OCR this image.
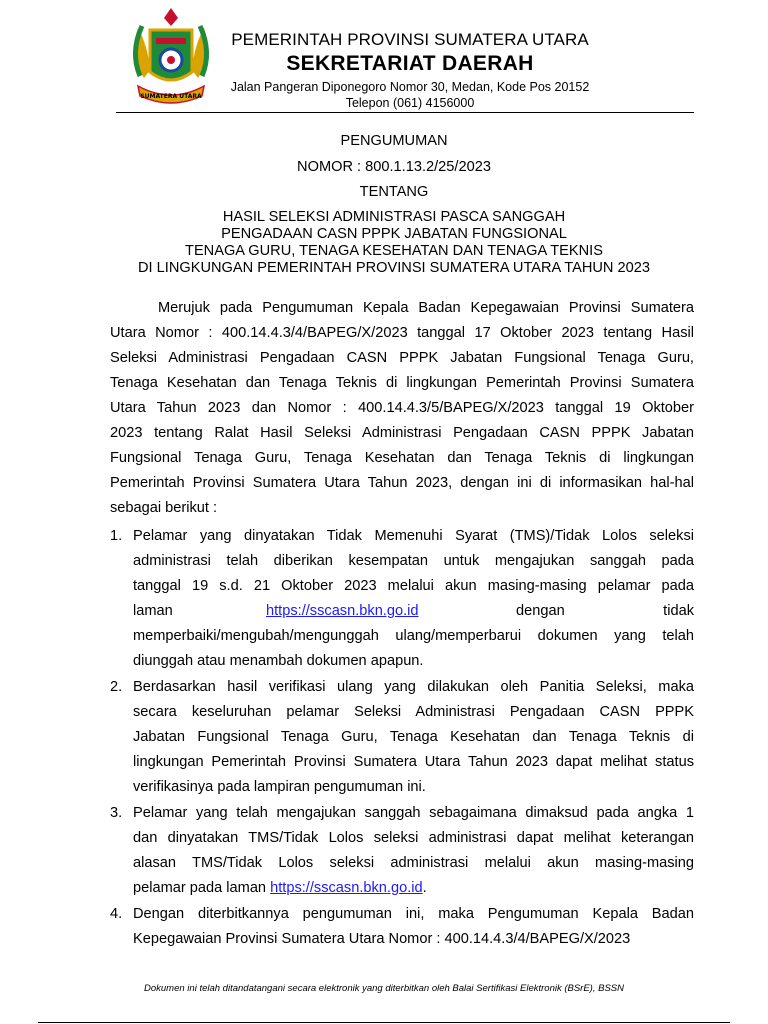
SUMATERA UTARA
PEMERINTAH PROVINSI SUMATERA UTARA
SEKRETARIAT DAERAH
Jalan Pangeran Diponegoro Nomor 30, Medan, Kode Pos 20152
Telepon (061) 4156000
PENGUMUMAN
NOMOR : 800.1.13.2/25/2023
TENTANG
HASIL SELEKSI ADMINISTRASI PASCA SANGGAH
PENGADAAN CASN PPPK JABATAN FUNGSIONAL
TENAGA GURU, TENAGA KESEHATAN DAN TENAGA TEKNIS
DI LINGKUNGAN PEMERINTAH PROVINSI SUMATERA UTARA TAHUN 2023
Merujuk pada Pengumuman Kepala Badan Kepegawaian Provinsi Sumatera
Utara Nomor : 400.14.4.3/4/BAPEG/X/2023 tanggal 17 Oktober 2023 tentang Hasil
Seleksi Administrasi Pengadaan CASN PPPK Jabatan Fungsional Tenaga Guru,
Tenaga Kesehatan dan Tenaga Teknis di lingkungan Pemerintah Provinsi Sumatera
Utara Tahun 2023 dan Nomor : 400.14.4.3/5/BAPEG/X/2023 tanggal 19 Oktober
2023 tentang Ralat Hasil Seleksi Administrasi Pengadaan CASN PPPK Jabatan
Fungsional Tenaga Guru, Tenaga Kesehatan dan Tenaga Teknis di lingkungan
Pemerintah Provinsi Sumatera Utara Tahun 2023, dengan ini di informasikan hal-hal
sebagai berikut :
1. Pelamar yang dinyatakan Tidak Memenuhi Syarat (TMS)/Tidak Lolos seleksi
administrasi telah diberikan kesempatan untuk mengajukan sanggah pada
tanggal 19 s.d. 21 Oktober 2023 melalui akun masing-masing pelamar pada
laman	https://sscasn.bkn.go.id	dengan	tidak
memperbaiki/mengubah/mengunggah ulang/memperbarui dokumen yang telah
diunggah atau menambah dokumen apapun.
2. Berdasarkan hasil verifikasi ulang yang dilakukan oleh Panitia Seleksi, maka
secara keseluruhan pelamar Seleksi Administrasi Pengadaan CASN PPPK
Jabatan Fungsional Tenaga Guru, Tenaga Kesehatan dan Tenaga Teknis di
lingkungan Pemerintah Provinsi Sumatera Utara Tahun 2023 dapat melihat status
verifikasinya pada lampiran pengumuman ini.
3. Pelamar yang telah mengajukan sanggah sebagaimana dimaksud pada angka 1
dan dinyatakan TMS/Tidak Lolos seleksi administrasi dapat melihat keterangan
alasan TMS/Tidak Lolos seleksi administrasi melalui akun masing-masing
pelamar pada laman https://sscasn.bkn.go.id.
4. Dengan diterbitkannya pengumuman ini, maka Pengumuman Kepala Badan
Kepegawaian Provinsi Sumatera Utara Nomor : 400.14.4.3/4/BAPEG/X/2023
Dokumen ini telah ditandatangani secara elektronik yang diterbitkan oleh Balai Sertifikasi Elektronik (BSrE), BSSN
